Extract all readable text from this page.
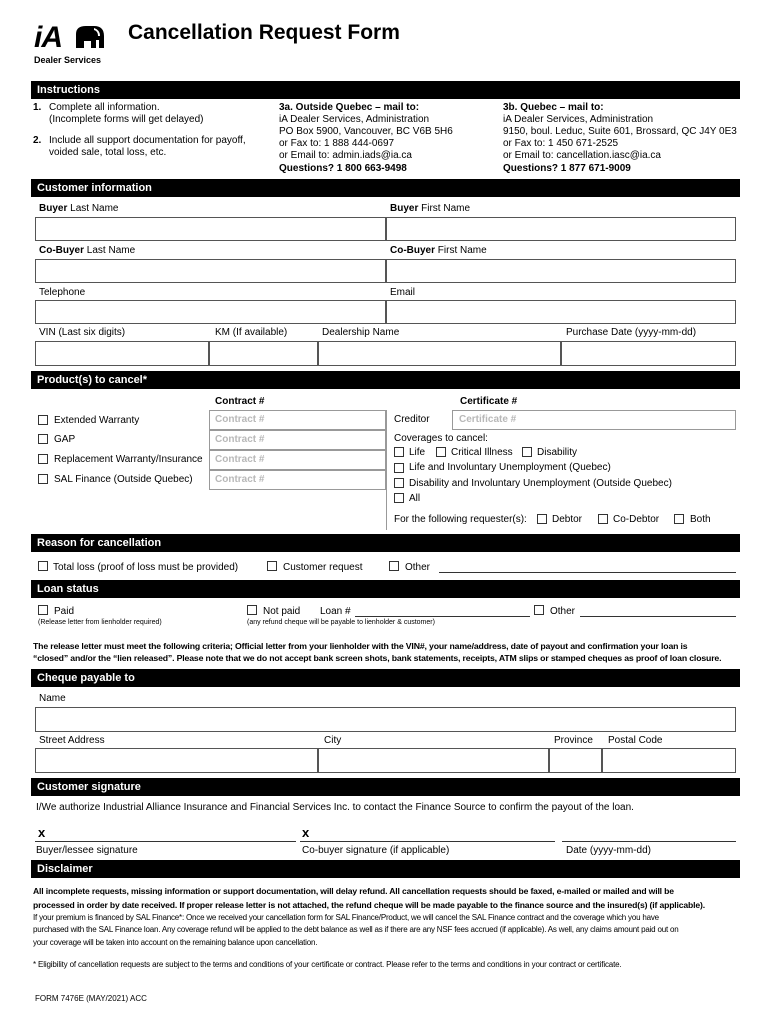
iA
Dealer Services
Cancellation Request Form
Instructions
1. Complete all information.
(Incomplete forms will get delayed)
2. Include all support documentation for payoff,
voided sale, total loss, etc.
3a. Outside Quebec – mail to:
iA Dealer Services, Administration
PO Box 5900, Vancouver, BC V6B 5H6
or Fax to: 1 888 444-0697
or Email to: admin.iads@ia.ca
Questions? 1 800 663-9498
3b. Quebec – mail to:
iA Dealer Services, Administration
9150, boul. Leduc, Suite 601, Brossard, QC J4Y 0E3
or Fax to: 1 450 671-2525
or Email to: cancellation.iasc@ia.ca
Questions? 1 877 671-9009
Customer information
Buyer Last Name	Buyer First Name
Co-Buyer Last Name	Co-Buyer First Name
Telephone	Email
VIN (Last six digits)	KM (If available)	Dealership Name	Purchase Date (yyyy-mm-dd)
Product(s) to cancel*
Contract #	Certificate #
Extended Warranty	Contract #
GAP	Contract #
Replacement Warranty/Insurance Contract #
SAL Finance (Outside Quebec) Contract #
Creditor	Certificate #
Coverages to cancel:
Life	Critical Illness Disability
Life and Involuntary Unemployment (Quebec)
Disability and Involuntary Unemployment (Outside Quebec)
All
For the following requester(s):	Debtor	Co-Debtor	Both
Reason for cancellation
Total loss (proof of loss must be provided)	Customer request	Other
Loan status
Paid
(Release letter from lienholder required)
Not paid Loan #
(any refund cheque will be payable to lienholder & customer)
Other
The release letter must meet the following criteria; Official letter from your lienholder with the VIN#, your name/address, date of payout and confirmation your loan is
“closed” and/or the “lien released”. Please note that we do not accept bank screen shots, bank statements, receipts, ATM slips or stamped cheques as proof of loan closure.
Cheque payable to
Name
Street Address	City	Province Postal Code
Customer signature
I/We authorize Industrial Alliance Insurance and Financial Services Inc. to contact the Finance Source to confirm the payout of the loan.
x
Buyer/lessee signature
x
Co-buyer signature (if applicable)	Date (yyyy-mm-dd)
Disclaimer
All incomplete requests, missing information or support documentation, will delay refund. All cancellation requests should be faxed, e-mailed or mailed and will be
processed in order by date received. If proper release letter is not attached, the refund cheque will be made payable to the finance source and the insured(s) (if applicable).
If your premium is financed by SAL Finance*: Once we received your cancellation form for SAL Finance/Product, we will cancel the SAL Finance contract and the coverage which you have
purchased with the SAL Finance loan. Any coverage refund will be applied to the debt balance as well as if there are any NSF fees accrued (if applicable). As well, any claims amount paid out on
your coverage will be taken into account on the remaining balance upon cancellation.
* Eligibility of cancellation requests are subject to the terms and conditions of your certificate or contract. Please refer to the terms and conditions in your contract or certificate.
FORM 7476E (MAY/2021) ACC
